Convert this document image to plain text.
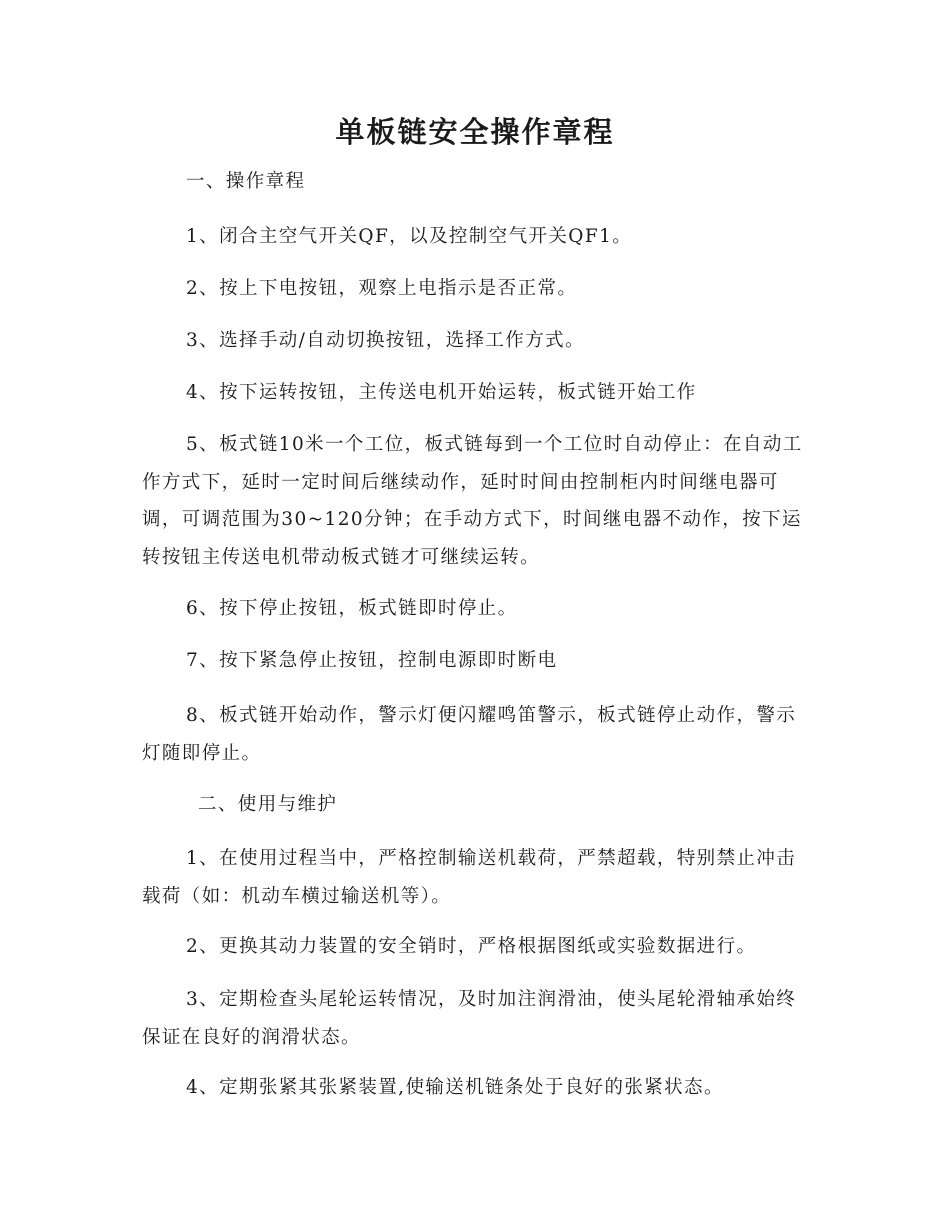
单板链安全操作章程

一、操作章程

1、闭合主空气开关QF，以及控制空气开关QF1。

2、按上下电按钮，观察上电指示是否正常。

3、选择手动/自动切换按钮，选择工作方式。

4、按下运转按钮，主传送电机开始运转，板式链开始工作

5、板式链10米一个工位，板式链每到一个工位时自动停止：在自动工作方式下，延时一定时间后继续动作，延时时间由控制柜内时间继电器可调，可调范围为30~120分钟；在手动方式下，时间继电器不动作，按下运转按钮主传送电机带动板式链才可继续运转。

6、按下停止按钮，板式链即时停止。

7、按下紧急停止按钮，控制电源即时断电

8、板式链开始动作，警示灯便闪耀鸣笛警示，板式链停止动作，警示灯随即停止。

二、使用与维护

1、在使用过程当中，严格控制输送机载荷，严禁超载，特别禁止冲击载荷（如：机动车横过输送机等）。

2、更换其动力装置的安全销时，严格根据图纸或实验数据进行。

3、定期检查头尾轮运转情况，及时加注润滑油，使头尾轮滑轴承始终保证在良好的润滑状态。

4、定期张紧其张紧装置,使输送机链条处于良好的张紧状态。
